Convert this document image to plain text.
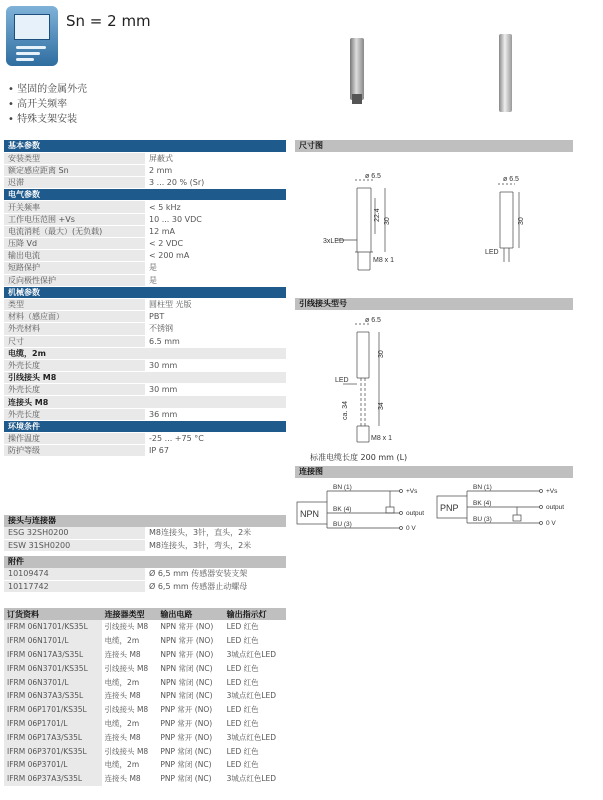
Sn = 2 mm
• 坚固的金属外壳
• 高开关频率
• 特殊支架安装
基本参数	
安装类型	屏蔽式
额定感应距离 Sn	2 mm
迟滞	3 ... 20 % (Sr)
电气参数	
开关频率	< 5 kHz
工作电压范围 +Vs	10 ... 30 VDC
电流消耗（最大）(无负载)	12 mA
压降 Vd	< 2 VDC
输出电流	< 200 mA
短路保护	是
反向极性保护	是
机械参数	
类型	圆柱型 光版
材料（感应面）	PBT
外壳材料	不锈钢
尺寸	6.5 mm
电缆，2m	
外壳长度	30 mm
引线接头 M8	
外壳长度	30 mm
连接头 M8	
外壳长度	36 mm
环境条件	
操作温度	-25 ... +75 °C
防护等级	IP 67
接头与连接器
ESG 32SH0200	M8连接头，3针，直头，2米
ESW 31SH0200	M8连接头，3针，弯头，2米
附件
10109474	Ø 6,5 mm 传感器安装支架
10117742	Ø 6,5 mm 传感器止动螺母
订货资料	连接器类型	输出电路	输出指示灯
IFRM 06N1701/KS35L	引线接头 M8	NPN 常开 (NO)	LED 红色
IFRM 06N1701/L	电缆，2m	NPN 常开 (NO)	LED 红色
IFRM 06N17A3/S35L	连接头 M8	NPN 常开 (NO)	3城点红色LED
IFRM 06N3701/KS35L	引线接头 M8	NPN 常闭 (NC)	LED 红色
IFRM 06N3701/L	电缆，2m	NPN 常闭 (NC)	LED 红色
IFRM 06N37A3/S35L	连接头 M8	NPN 常闭 (NC)	3城点红色LED
IFRM 06P1701/KS35L	引线接头 M8	PNP 常开 (NO)	LED 红色
IFRM 06P1701/L	电缆，2m	PNP 常开 (NO)	LED 红色
IFRM 06P17A3/S35L	连接头 M8	PNP 常开 (NO)	3城点红色LED
IFRM 06P3701/KS35L	引线接头 M8	PNP 常闭 (NC)	LED 红色
IFRM 06P3701/L	电缆，2m	PNP 常闭 (NC)	LED 红色
IFRM 06P37A3/S35L	连接头 M8	PNP 常闭 (NC)	3城点红色LED
尺寸图
ø 6.5
22.4 30
3xLED
M8 x 1
ø 6.5
30
LED
引线接头型号
ø 6.5
30
LED
34
ca. 34
M8 x 1
标准电缆长度 200 mm (L)
连接图
NPN
BN (1)
BK (4)
BU (3)
+Vs
output
0 V
PNP
BN (1)
BK (4)
BU (3)
+Vs
output
0 V
